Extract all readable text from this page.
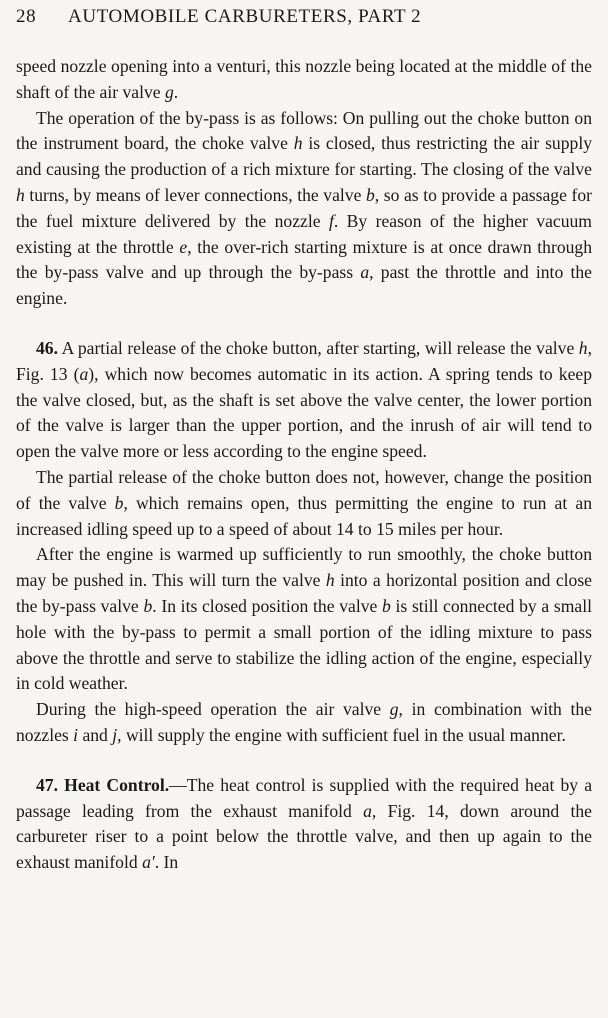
28	AUTOMOBILE CARBURETERS, PART 2

speed nozzle opening into a venturi, this nozzle being located at the middle of the shaft of the air valve g.

The operation of the by-pass is as follows: On pulling out the choke button on the instrument board, the choke valve h is closed, thus restricting the air supply and causing the production of a rich mixture for starting. The closing of the valve h turns, by means of lever connections, the valve b, so as to provide a passage for the fuel mixture delivered by the nozzle f. By reason of the higher vacuum existing at the throttle e, the over-rich starting mixture is at once drawn through the by-pass valve and up through the by-pass a, past the throttle and into the engine.

46. A partial release of the choke button, after starting, will release the valve h, Fig. 13 (a), which now becomes automatic in its action. A spring tends to keep the valve closed, but, as the shaft is set above the valve center, the lower portion of the valve is larger than the upper portion, and the inrush of air will tend to open the valve more or less according to the engine speed.

The partial release of the choke button does not, however, change the position of the valve b, which remains open, thus permitting the engine to run at an increased idling speed up to a speed of about 14 to 15 miles per hour.

After the engine is warmed up sufficiently to run smoothly, the choke button may be pushed in. This will turn the valve h into a horizontal position and close the by-pass valve b. In its closed position the valve b is still connected by a small hole with the by-pass to permit a small portion of the idling mixture to pass above the throttle and serve to stabilize the idling action of the engine, especially in cold weather.

During the high-speed operation the air valve g, in combination with the nozzles i and j, will supply the engine with sufficient fuel in the usual manner.

47. Heat Control.—The heat control is supplied with the required heat by a passage leading from the exhaust manifold a, Fig. 14, down around the carbureter riser to a point below the throttle valve, and then up again to the exhaust manifold a′. In
